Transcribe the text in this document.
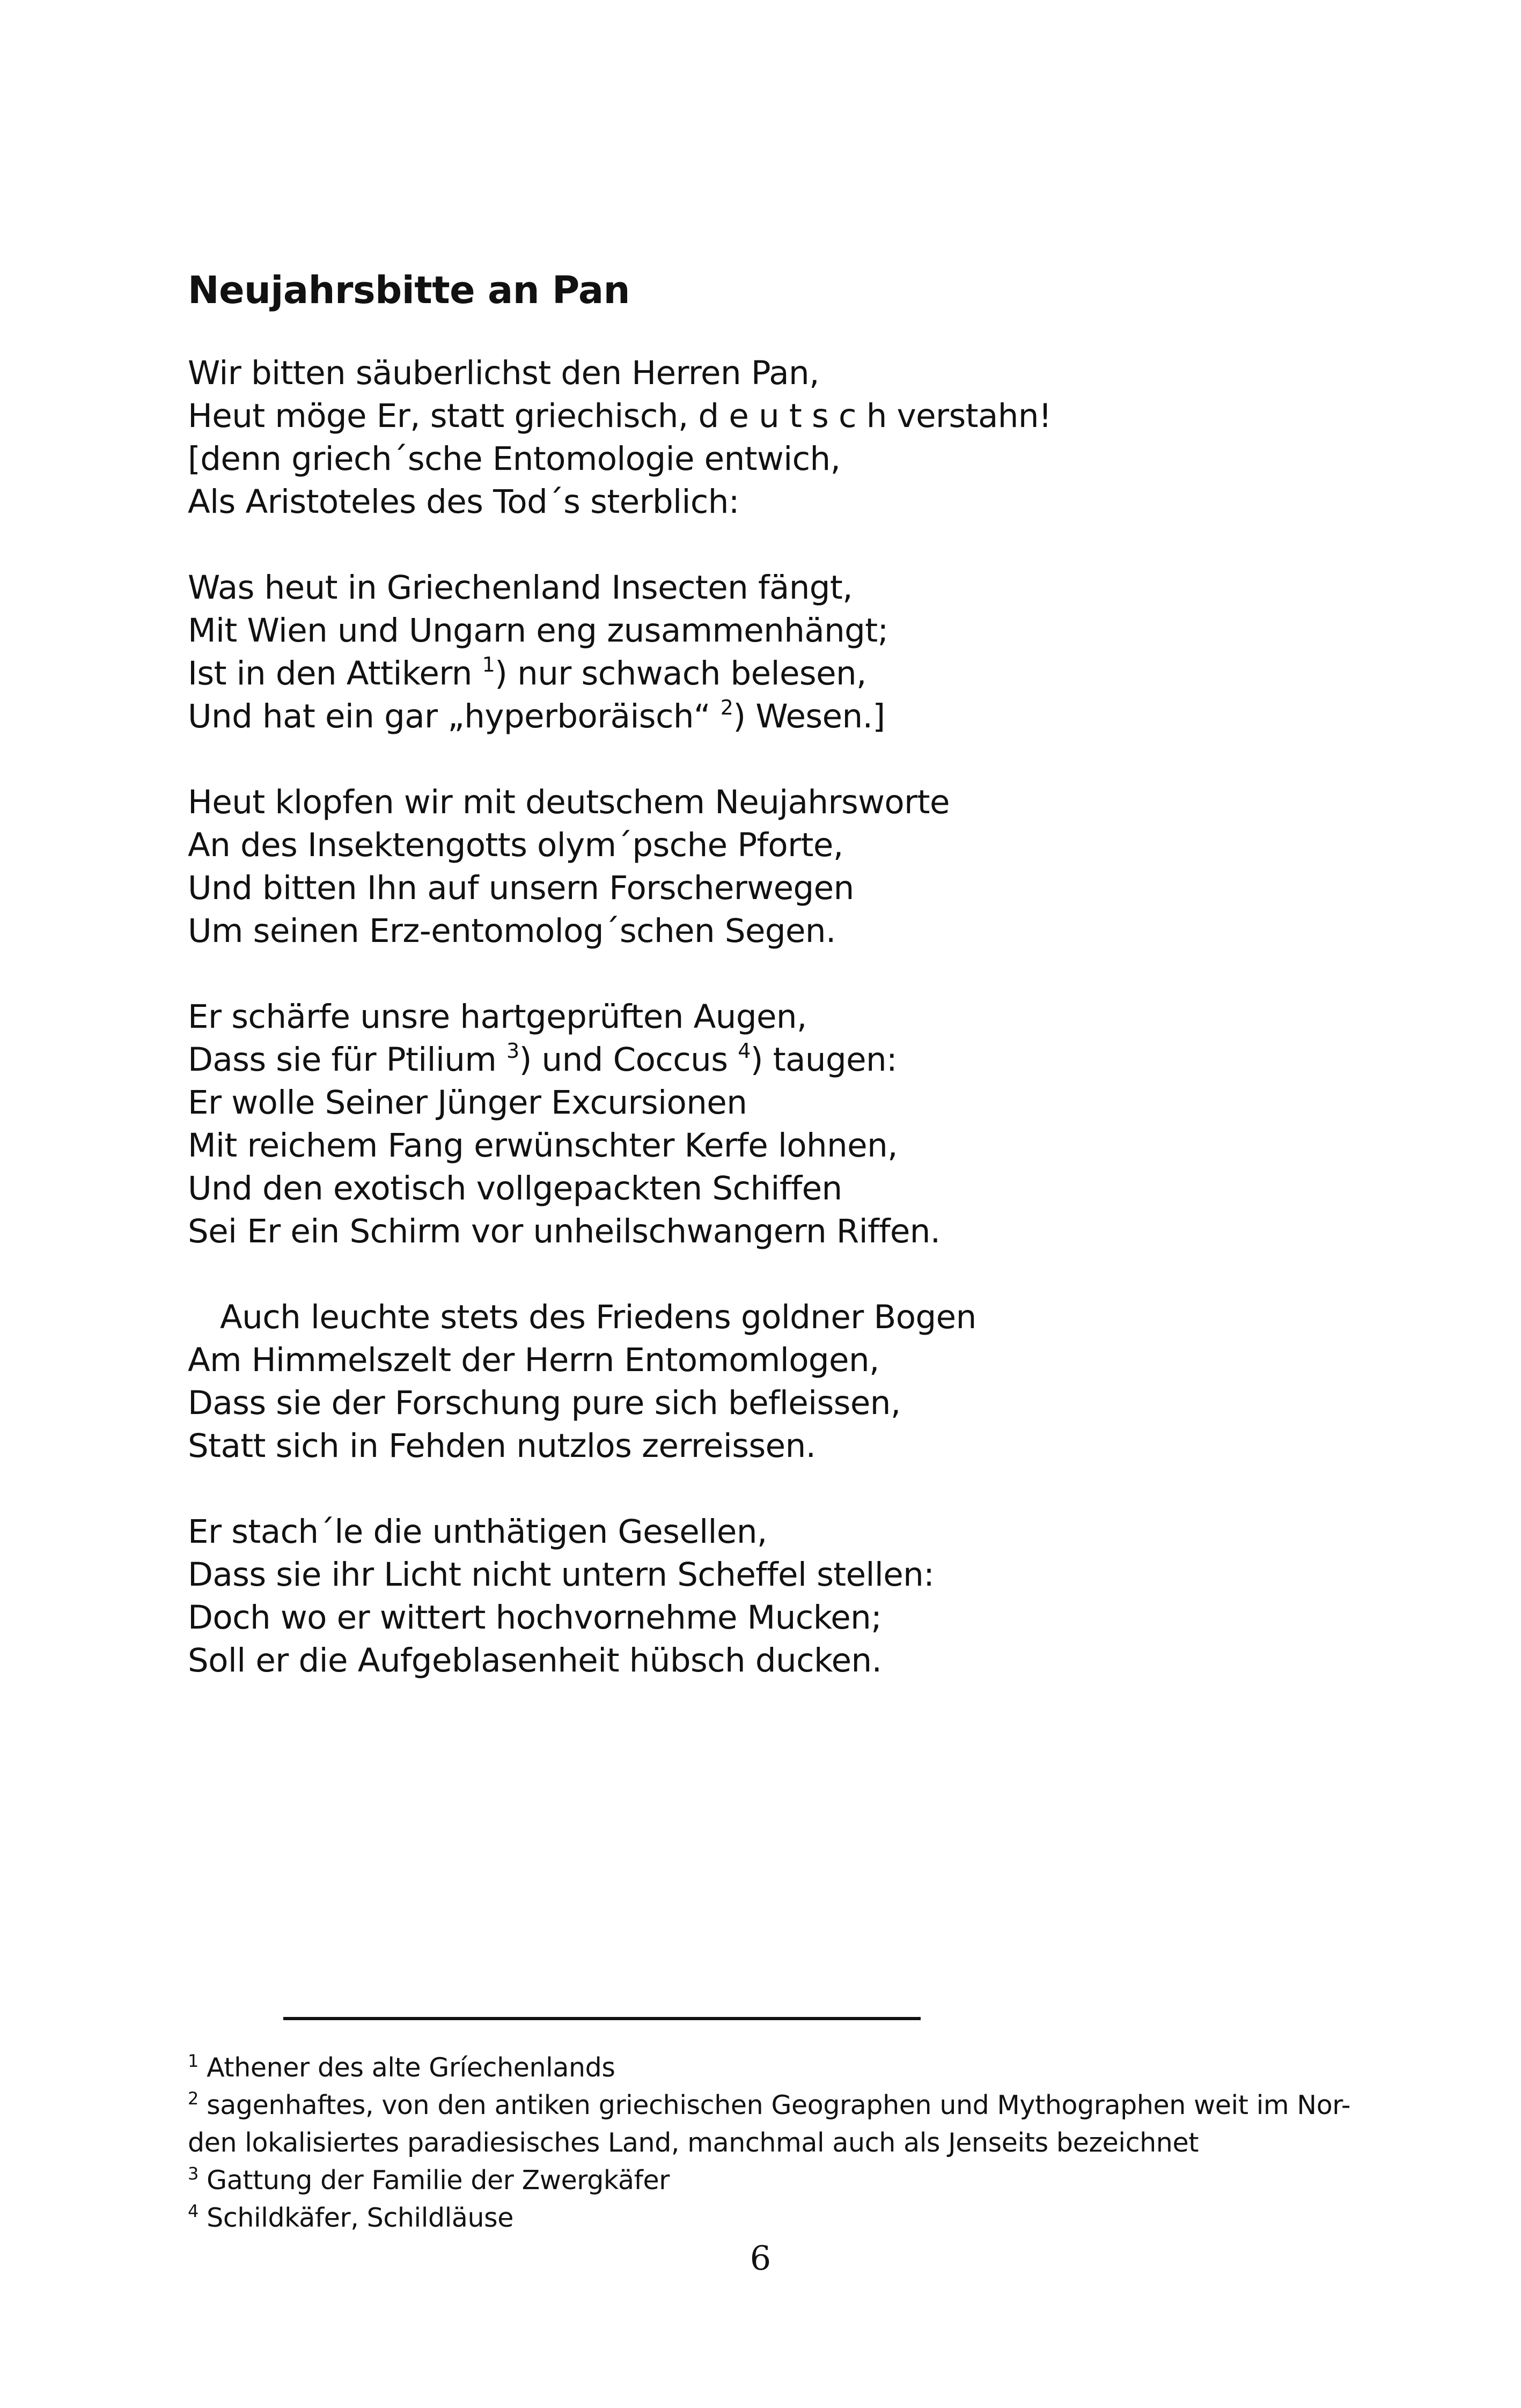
Neujahrsbitte an Pan
Wir bitten säuberlichst den Herren Pan,
Heut möge Er, statt griechisch, d e u t s c h verstahn!
[denn griech´sche Entomologie entwich,
Als Aristoteles des Tod´s sterblich:
Was heut in Griechenland Insecten fängt,
Mit Wien und Ungarn eng zusammenhängt;
Ist in den Attikern $^1$) nur schwach belesen,
Und hat ein gar „hyperboräisch“ $^2$) Wesen.]
Heut klopfen wir mit deutschem Neujahrsworte
An des Insektengotts olym´psche Pforte,
Und bitten Ihn auf unsern Forscherwegen
Um seinen Erz-entomolog´schen Segen.
Er schärfe unsre hartgeprüften Augen,
Dass sie für Ptilium $^3$) und Coccus $^4$) taugen:
Er wolle Seiner Jünger Excursionen
Mit reichem Fang erwünschter Kerfe lohnen,
Und den exotisch vollgepackten Schiffen
Sei Er ein Schirm vor unheilschwangern Riffen.
Auch leuchte stets des Friedens goldner Bogen
Am Himmelszelt der Herrn Entomomlogen,
Dass sie der Forschung pure sich befleissen,
Statt sich in Fehden nutzlos zerreissen.
Er stach´le die unthätigen Gesellen,
Dass sie ihr Licht nicht untern Scheffel stellen:
Doch wo er wittert hochvornehme Mucken;
Soll er die Aufgeblasenheit hübsch ducken.
$^1$ Athener des alte Gríechenlands
$^2$ sagenhaftes, von den antiken griechischen Geographen und Mythographen weit im Nor-
den lokalisiertes paradiesisches Land, manchmal auch als Jenseits bezeichnet
$^3$ Gattung der Familie der Zwergkäfer
$^4$ Schildkäfer, Schildläuse
6
